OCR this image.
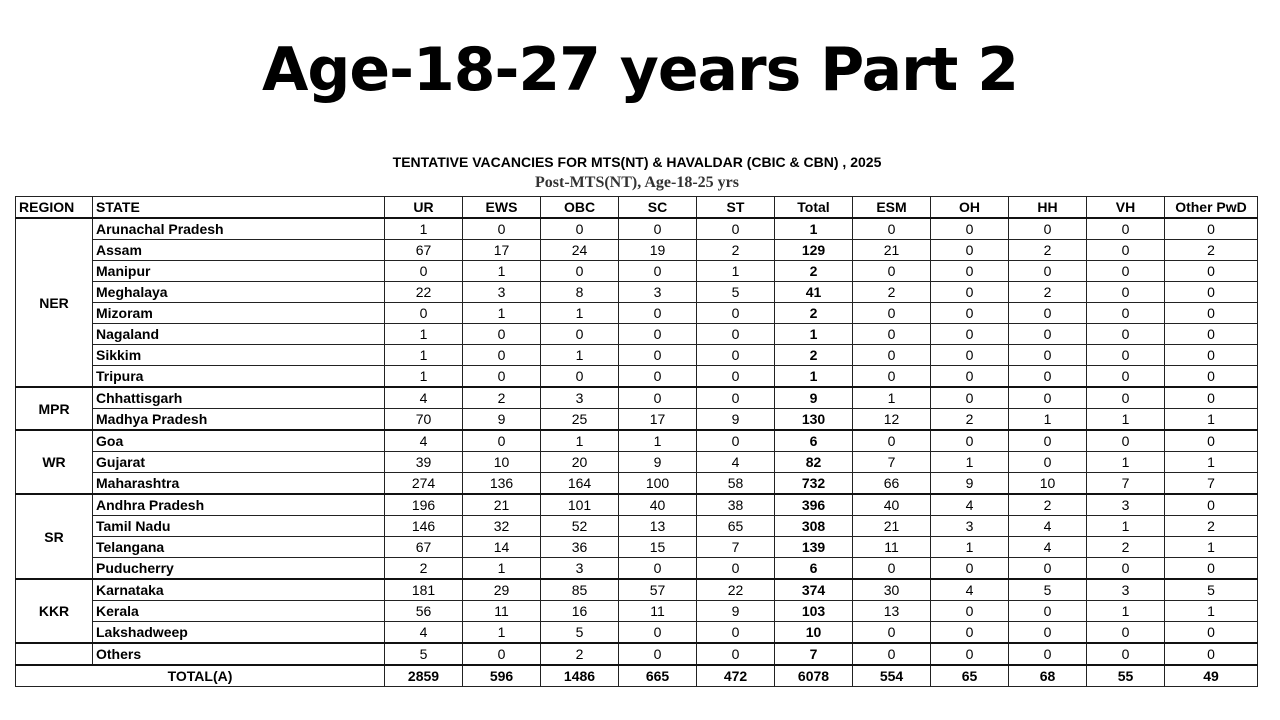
Age-18-27 years Part 2
TENTATIVE VACANCIES FOR MTS(NT) & HAVALDAR (CBIC & CBN) , 2025
Post-MTS(NT), Age-18-25 yrs
REGION	STATE	UR	EWS	OBC	SC	ST	Total	ESM	OH	HH	VH	Other PwD
NER	Arunachal Pradesh	1	0	0	0	0	1	0	0	0	0	0
	Assam	67	17	24	19	2	129	21	0	2	0	2
	Manipur	0	1	0	0	1	2	0	0	0	0	0
	Meghalaya	22	3	8	3	5	41	2	0	2	0	0
	Mizoram	0	1	1	0	0	2	0	0	0	0	0
	Nagaland	1	0	0	0	0	1	0	0	0	0	0
	Sikkim	1	0	1	0	0	2	0	0	0	0	0
	Tripura	1	0	0	0	0	1	0	0	0	0	0
MPR	Chhattisgarh	4	2	3	0	0	9	1	0	0	0	0
	Madhya Pradesh	70	9	25	17	9	130	12	2	1	1	1
WR	Goa	4	0	1	1	0	6	0	0	0	0	0
	Gujarat	39	10	20	9	4	82	7	1	0	1	1
	Maharashtra	274	136	164	100	58	732	66	9	10	7	7
SR	Andhra Pradesh	196	21	101	40	38	396	40	4	2	3	0
	Tamil Nadu	146	32	52	13	65	308	21	3	4	1	2
	Telangana	67	14	36	15	7	139	11	1	4	2	1
	Puducherry	2	1	3	0	0	6	0	0	0	0	0
KKR	Karnataka	181	29	85	57	22	374	30	4	5	3	5
	Kerala	56	11	16	11	9	103	13	0	0	1	1
	Lakshadweep	4	1	5	0	0	10	0	0	0	0	0
	Others	5	0	2	0	0	7	0	0	0	0	0
TOTAL(A)		2859	596	1486	665	472	6078	554	65	68	55	49
